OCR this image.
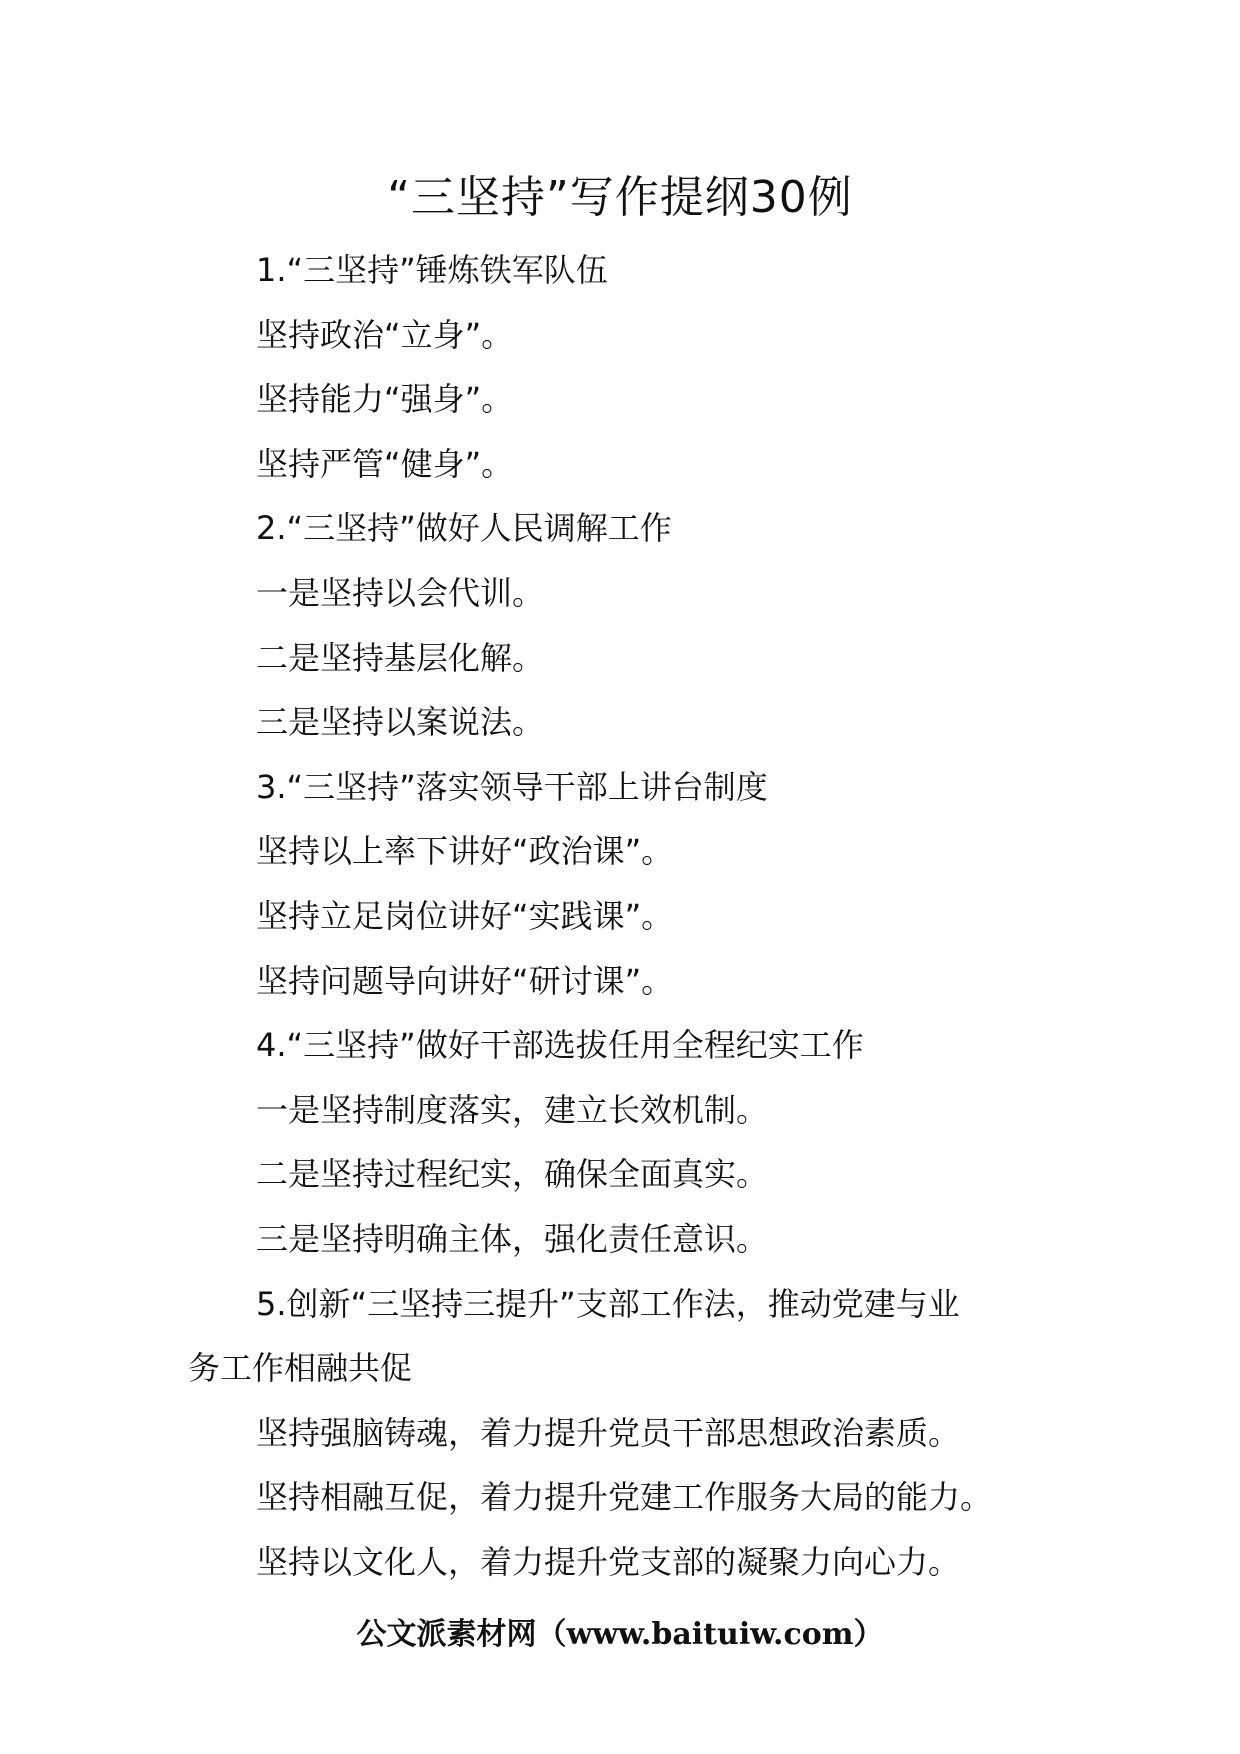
“三坚持”写作提纲30例
1.“三坚持”锤炼铁军队伍
坚持政治“立身”。
坚持能力“强身”。
坚持严管“健身”。
2.“三坚持”做好人民调解工作
一是坚持以会代训。
二是坚持基层化解。
三是坚持以案说法。
3.“三坚持”落实领导干部上讲台制度
坚持以上率下讲好“政治课”。
坚持立足岗位讲好“实践课”。
坚持问题导向讲好“研讨课”。
4.“三坚持”做好干部选拔任用全程纪实工作
一是坚持制度落实，建立长效机制。
二是坚持过程纪实，确保全面真实。
三是坚持明确主体，强化责任意识。
5.创新“三坚持三提升”支部工作法，推动党建与业
务工作相融共促
坚持强脑铸魂，着力提升党员干部思想政治素质。
坚持相融互促，着力提升党建工作服务大局的能力。
坚持以文化人，着力提升党支部的凝聚力向心力。
公文派素材网（www.baituiw.com）
